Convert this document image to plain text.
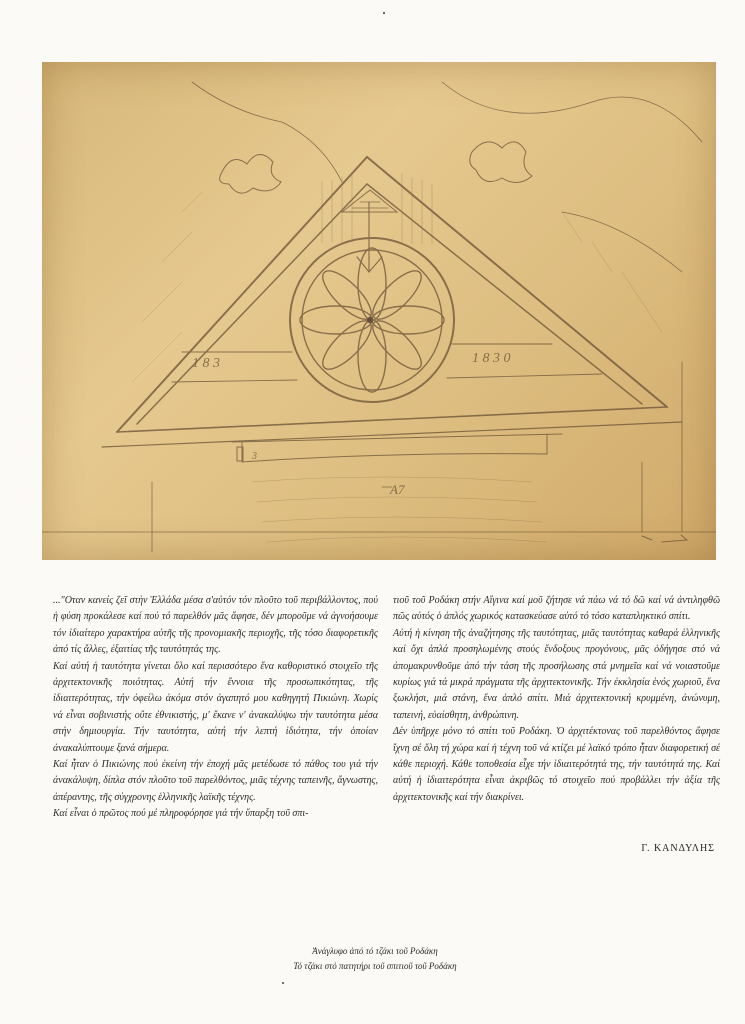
1 8 3	1 8 3 0
A7
3

..."Οταν κανείς ζεῖ στὴν Ἑλλάδα μέσα σ'αὐτόν τόν πλοῦτο τοῦ περιβάλλοντος, πού ἡ φύση προκάλεσε καί πού τό παρελθόν μᾶς ἄφησε, δέν μποροῦμε νά ἀγνοήσουμε τόν ἰδιαίτερο χαρακτήρα αὐτῆς τῆς προνομιακῆς περιοχῆς, τῆς τόσο διαφορετικῆς ἀπό τίς ἄλλες, ἐξαιτίας τῆς ταυτότητάς της.

Καί αὐτή ἡ ταυτότητα γίνεται ὅλο καί περισσότερο ἕνα καθοριστικό στοιχεῖο τῆς ἀρχιτεκτονικῆς ποιότητας. Αὐτή τήν ἔννοια τῆς προσωπικότητας, τῆς ἰδιαιτερότητας, τήν ὀφείλω ἀκόμα στόν ἀγαπητό μου καθηγητή Πικιώνη. Χωρίς νά εἶναι σοβινιστής οὔτε ἐθνικιστής, μ' ἔκανε ν' ἀνακαλύψω τήν ταυτότητα μέσα στήν δημιουργία. Τήν ταυτότητα, αὐτή τήν λεπτή ἰδιότητα, τήν ὁποίαν ἀνακαλύπτουμε ξανά σήμερα.

Καί ἦταν ὁ Πικιώνης πού ἐκείνη τήν ἐποχή μᾶς μετέδωσε τό πάθος του γιά τήν ἀνακάλυψη, δίπλα στόν πλοῦτο τοῦ παρελθόντος, μιᾶς τέχνης ταπεινῆς, ἄγνωστης, ἀπέραντης, τῆς σύγχρονης ἑλληνικῆς λαϊκῆς τέχνης.

Καί εἶναι ὁ πρῶτος πού μέ πληροφόρησε γιά τήν ὕπαρξη τοῦ σπι-

τιοῦ τοῦ Ροδάκη στήν Αἴγινα καί μοῦ ζήτησε νά πάω νά τό δῶ καί νά ἀντιληφθῶ πῶς αὐτός ὁ ἁπλός χωρικός κατασκεύασε αὐτό τό τόσο καταπληκτικό σπίτι.

Αὐτή ἡ κίνηση τῆς ἀναζήτησης τῆς ταυτότητας, μιᾶς ταυτότητας καθαρά ἑλληνικῆς καί ὄχι ἁπλά προσηλωμένης στούς ἔνδοξους προγόνους, μᾶς ὁδήγησε στό νά ἀπομακρυνθοῦμε ἀπό τήν τάση τῆς προσήλωσης στά μνημεῖα καί νά νοιαστοῦμε κυρίως γιά τά μικρά πράγματα τῆς ἀρχιτεκτονικῆς. Τήν ἐκκλησία ἑνός χωριοῦ, ἕνα ξωκλήσι, μιά στάνη, ἕνα ἁπλό σπίτι. Μιά ἀρχιτεκτονική κρυμμένη, ἀνώνυμη, ταπεινή, εὐαίσθητη, ἀνθρώπινη.

Δέν ὑπῆρχε μόνο τό σπίτι τοῦ Ροδάκη. Ὁ ἀρχιτέκτονας τοῦ παρελθόντος ἄφησε ἴχνη σέ ὅλη τή χώρα καί ἡ τέχνη τοῦ νά κτίζει μέ λαϊκό τρόπο ἦταν διαφορετική σέ κάθε περιοχή. Κάθε τοποθεσία εἶχε τήν ἰδιαιτερότητά της, τήν ταυτότητά της. Καί αὐτή ἡ ἰδιαιτερότητα εἶναι ἀκριβῶς τό στοιχεῖο πού προβάλλει τήν ἀξία τῆς ἀρχιτεκτονικῆς καί τήν διακρίνει.

Γ. ΚΑΝΔΥΛΗΣ
Ἀνάγλυφο ἀπό τό τζάκι τοῦ Ροδάκη
Τό τζάκι στό πατητήρι τοῦ σπιτιοῦ τοῦ Ροδάκη
